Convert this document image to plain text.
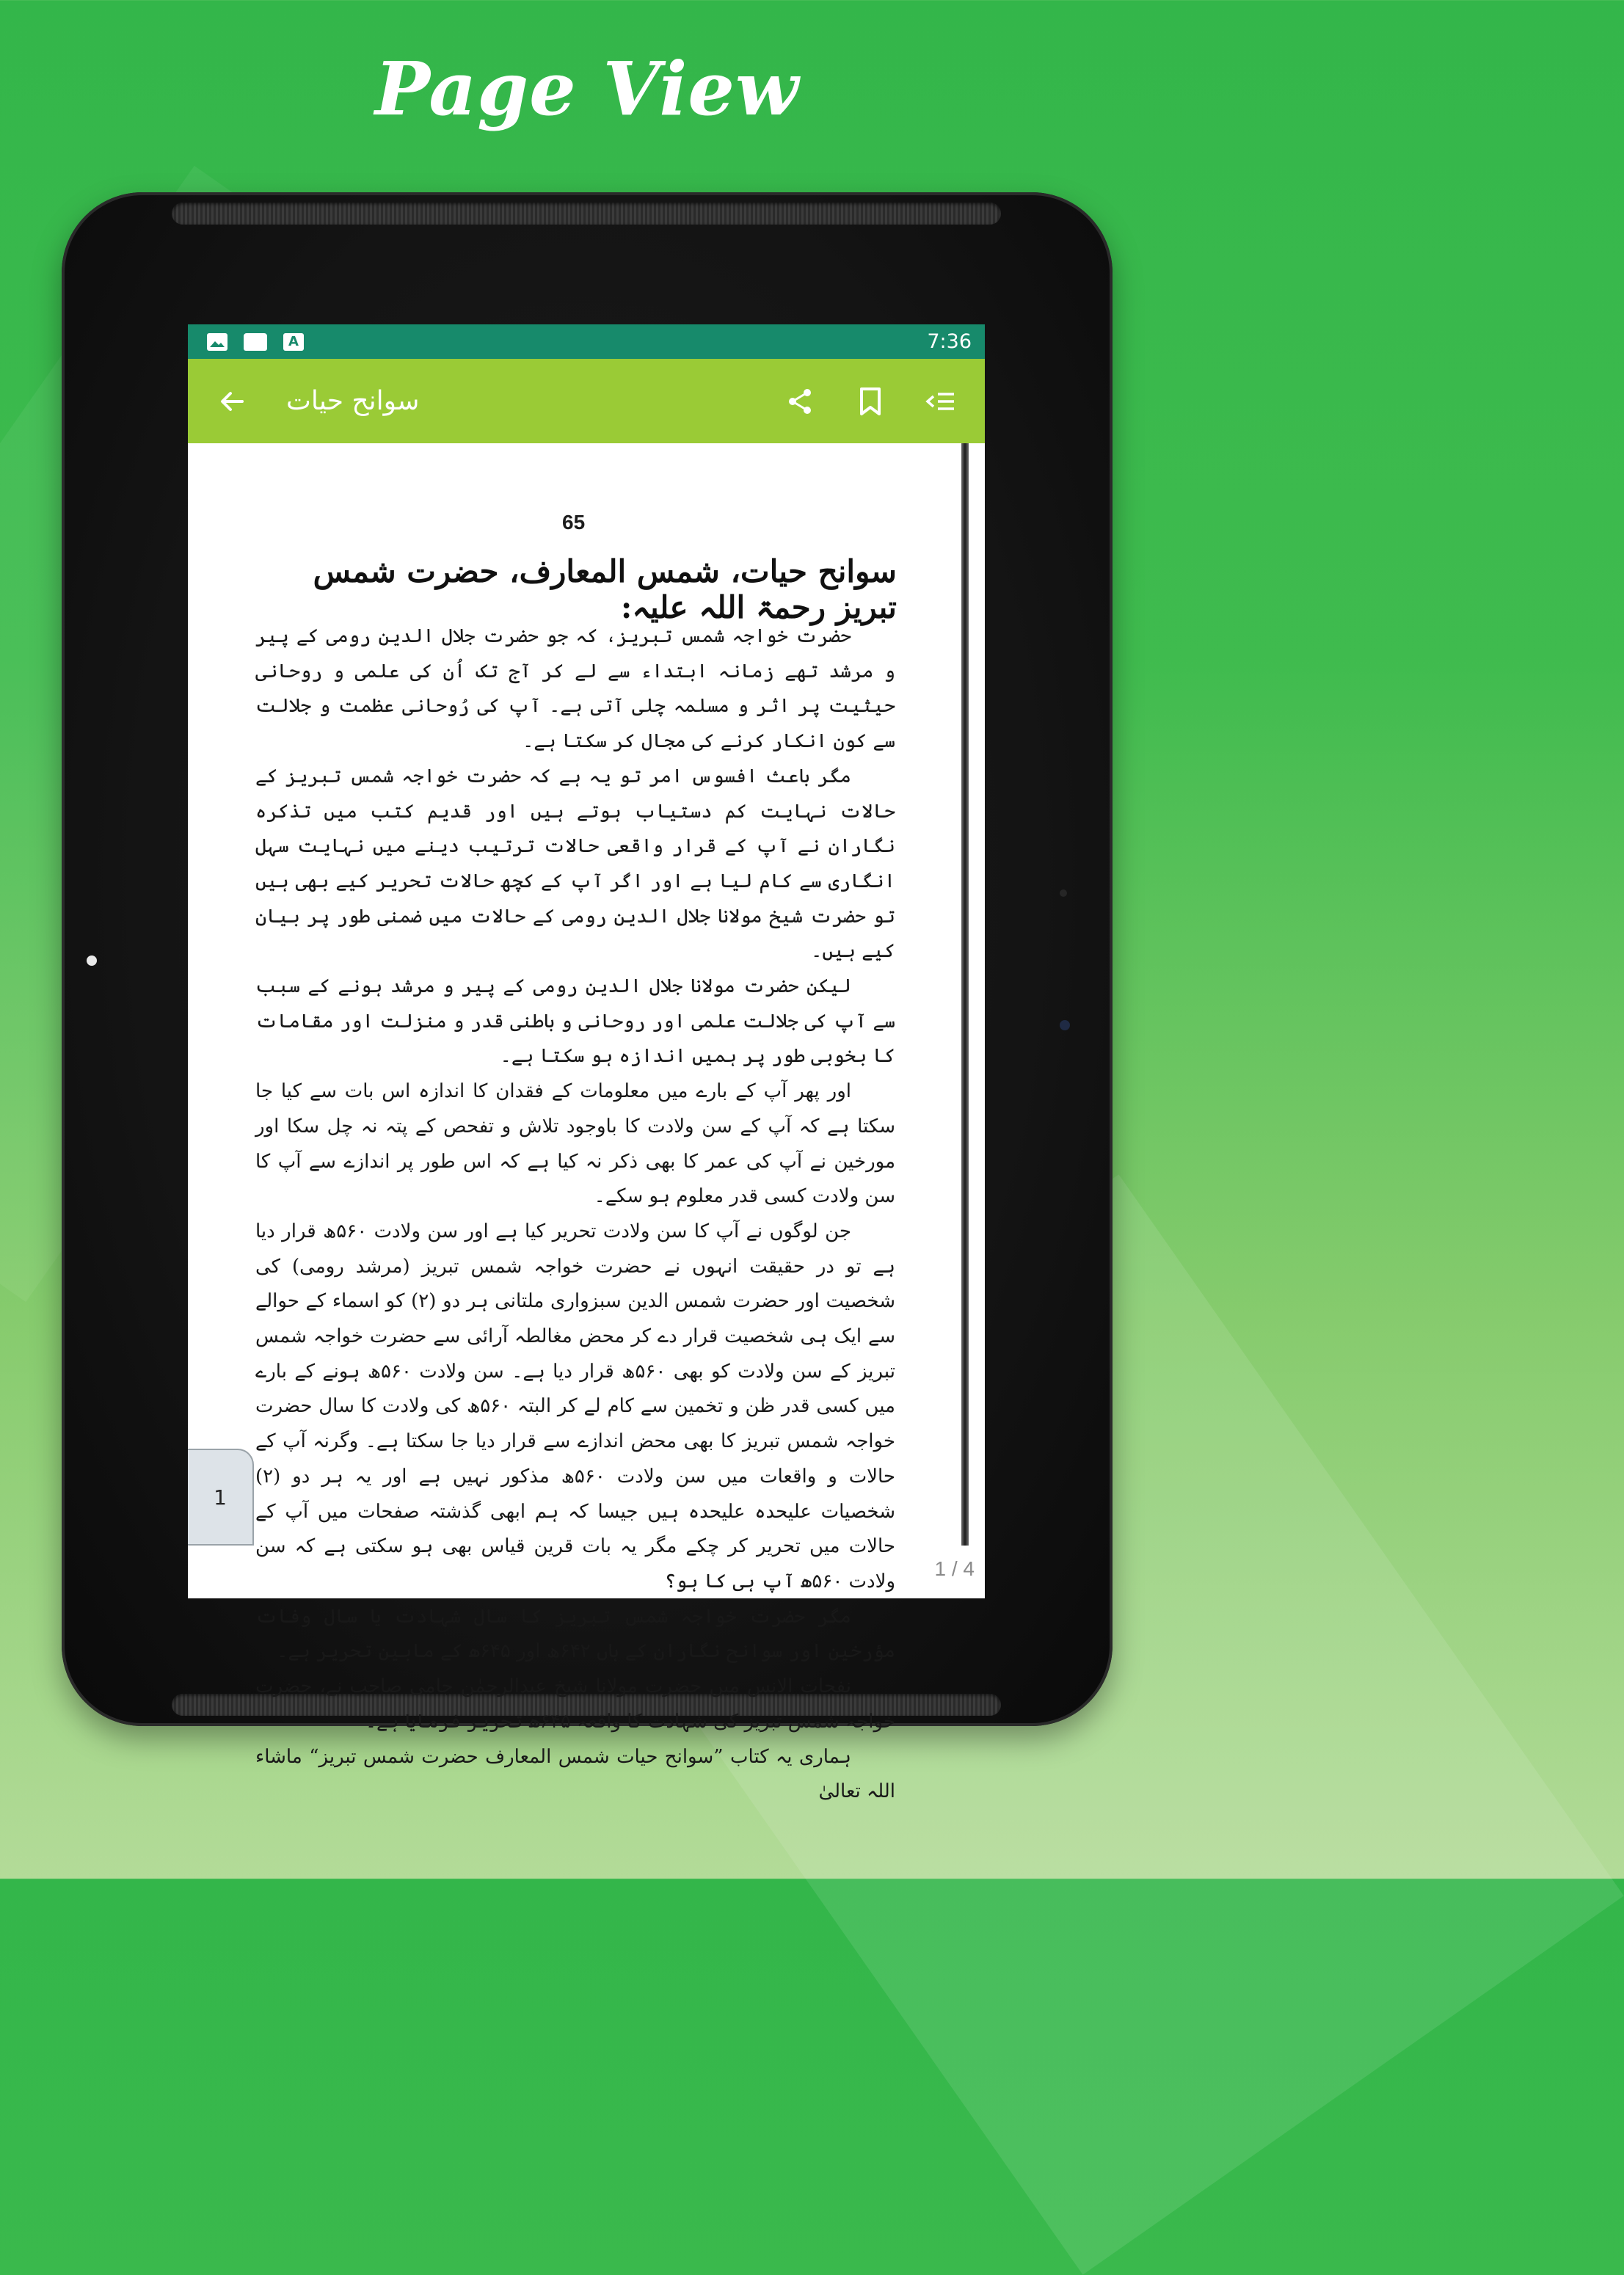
Page View
A	7:36
سوانح حیات
65
سوانح حیات، شمس المعارف، حضرت شمس تبریز رحمۃ اللہ علیہ:

حضرت خواجہ شمس تبریز، کہ جو حضرت جلال الدین رومی کے پیر و مرشد تھے زمانہ ابتداء سے لے کر آج تک اُن کی علمی و روحانی حیثیت پر اثر و مسلمہ چلی آتی ہے۔ آپ کی رُوحانی عظمت و جلالت سے کون انکار کرنے کی مجال کر سکتا ہے۔

مگر باعث افسوس امر تو یہ ہے کہ حضرت خواجہ شمس تبریز کے حالات نہایت کم دستیاب ہوتے ہیں اور قدیم کتب میں تذکرہ نگاران نے آپ کے قرار واقعی حالات ترتیب دینے میں نہایت سہل انگاری سے کام لیا ہے اور اگر آپ کے کچھ حالات تحریر کیے بھی ہیں تو حضرت شیخ مولانا جلال الدین رومی کے حالات میں ضمنی طور پر بیان کیے ہیں۔

لیکن حضرت مولانا جلال الدین رومی کے پیر و مرشد ہونے کے سبب سے آپ کی جلالت علمی اور روحانی و باطنی قدر و منزلت اور مقامات کا بخوبی طور پر ہمیں اندازہ ہو سکتا ہے۔

اور پھر آپ کے بارے میں معلومات کے فقدان کا اندازہ اس بات سے کیا جا سکتا ہے کہ آپ کے سن ولادت کا باوجود تلاش و تفحص کے پتہ نہ چل سکا اور مورخین نے آپ کی عمر کا بھی ذکر نہ کیا ہے کہ اس طور پر اندازے سے آپ کا سن ولادت کسی قدر معلوم ہو سکے۔

جن لوگوں نے آپ کا سن ولادت تحریر کیا ہے اور سن ولادت ۵۶۰ھ قرار دیا ہے تو در حقیقت انہوں نے حضرت خواجہ شمس تبریز (مرشد رومی) کی شخصیت اور حضرت شمس الدین سبزواری ملتانی ہر دو (۲) کو اسماء کے حوالے سے ایک ہی شخصیت قرار دے کر محض مغالطہ آرائی سے حضرت خواجہ شمس تبریز کے سن ولادت کو بھی ۵۶۰ھ قرار دیا ہے۔ سن ولادت ۵۶۰ھ ہونے کے بارے میں کسی قدر ظن و تخمین سے کام لے کر البتہ ۵۶۰ھ کی ولادت کا سال حضرت خواجہ شمس تبریز کا بھی محض اندازے سے قرار دیا جا سکتا ہے۔ وگرنہ آپ کے حالات و واقعات میں سن ولادت ۵۶۰ھ مذکور نہیں ہے اور یہ ہر دو (۲) شخصیات علیحدہ علیحدہ ہیں جیسا کہ ہم ابھی گذشتہ صفحات میں آپ کے حالات میں تحریر کر چکے مگر یہ بات قرین قیاس بھی ہو سکتی ہے کہ سن ولادت ۵۶۰ھ آپ ہی کا ہو؟

مگر حضرت خواجہ شمس تبریز کا سال شہادت یا سال وفات مؤرخین اور سوانح نگاران کے ہاں ۶۴۲ھ اور ۶۴۵ھ کے مابین تحریر ہے۔

نفحات الانس میں حضرت مولانا شیخ عبدالرحمٰن جامی صاحب نے، حضرت خواجہ شمس تبریز کی شہادت کا واقعہ ۶۴۵ھ تحریر فرمایا ہے۔

ہماری یہ کتاب ”سوانح حیات شمس المعارف حضرت شمس تبریز“ ماشاء اللہ تعالیٰ

1
1 / 4
